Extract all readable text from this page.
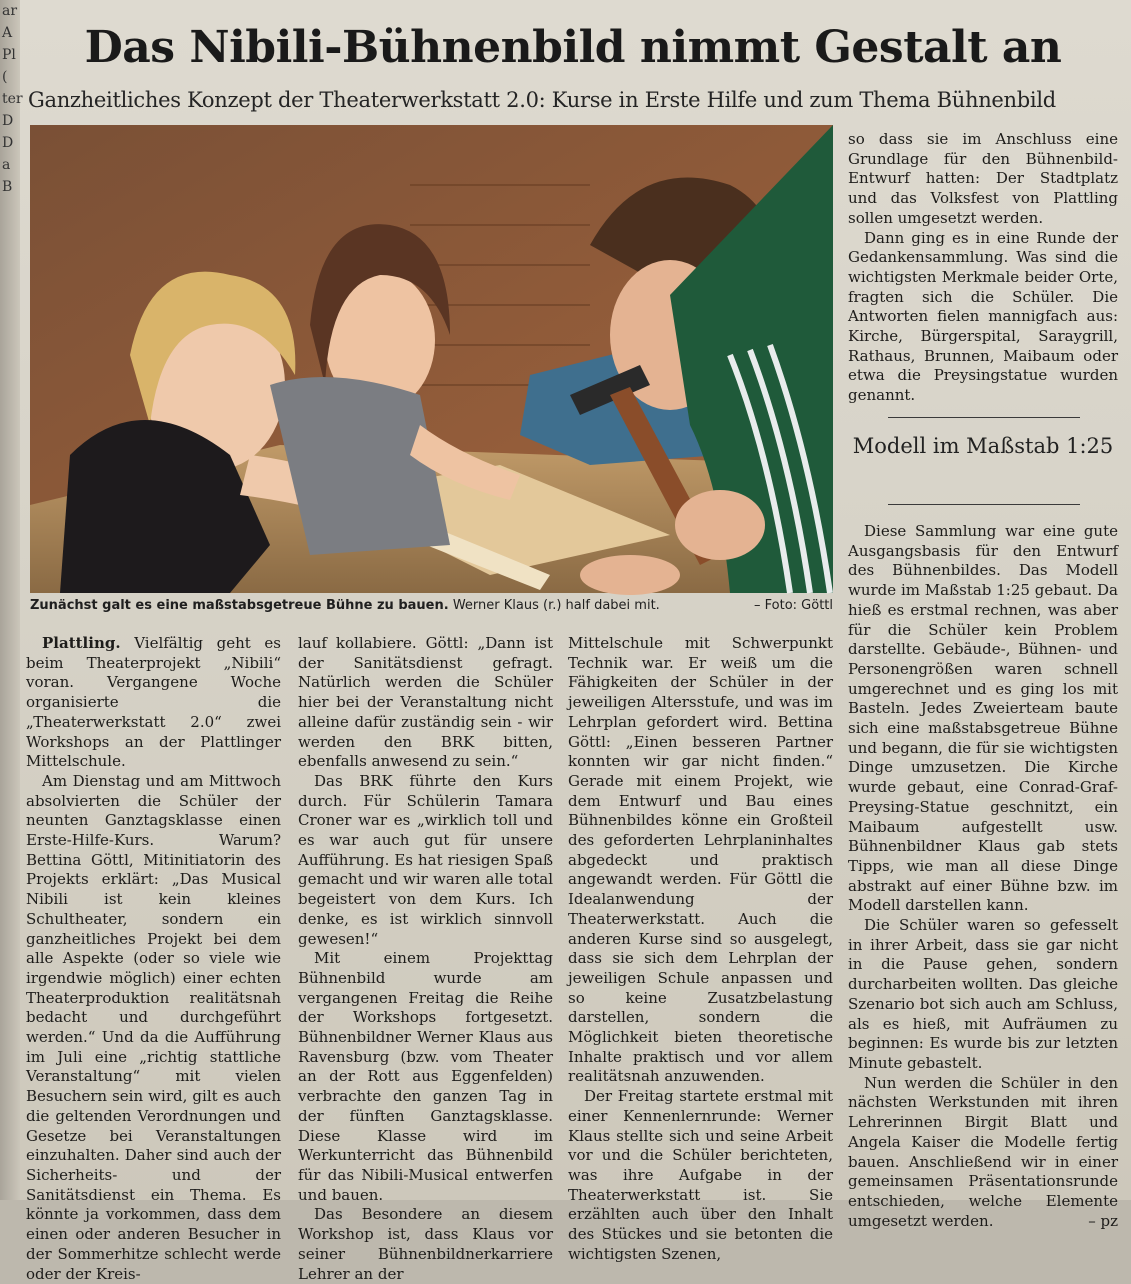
ar
A
Pl
(
ter
D
D
a
B
Das Nibili-Bühnenbild nimmt Gestalt an
Ganzheitliches Konzept der Theaterwerkstatt 2.0: Kurse in Erste Hilfe und zum Thema Bühnenbild
Zunächst galt es eine maßstabsgetreue Bühne zu bauen. Werner Klaus (r.) half dabei mit.	– Foto: Göttl

Plattling. Vielfältig geht es beim Theaterprojekt „Nibili“ voran. Vergangene Woche organisierte die „Theaterwerkstatt 2.0“ zwei Workshops an der Plattlinger Mittelschule.

Am Dienstag und am Mittwoch absolvierten die Schüler der neunten Ganztagsklasse einen Erste-Hilfe-Kurs. Warum? Bettina Göttl, Mitinitiatorin des Projekts erklärt: „Das Musical Nibili ist kein kleines Schultheater, sondern ein ganzheitliches Projekt bei dem alle Aspekte (oder so viele wie irgendwie möglich) einer echten Theaterproduktion realitätsnah bedacht und durchgeführt werden.“ Und da die Aufführung im Juli eine „richtig stattliche Veranstaltung“ mit vielen Besuchern sein wird, gilt es auch die geltenden Verordnungen und Gesetze bei Veranstaltungen einzuhalten. Daher sind auch der Sicherheits- und der Sanitätsdienst ein Thema. Es könnte ja vorkommen, dass dem einen oder anderen Besucher in der Sommerhitze schlecht werde oder der Kreis-

lauf kollabiere. Göttl: „Dann ist der Sanitätsdienst gefragt. Natürlich werden die Schüler hier bei der Veranstaltung nicht alleine dafür zuständig sein - wir werden den BRK bitten, ebenfalls anwesend zu sein.“

Das BRK führte den Kurs durch. Für Schülerin Tamara Croner war es „wirklich toll und es war auch gut für unsere Aufführung. Es hat riesigen Spaß gemacht und wir waren alle total begeistert von dem Kurs. Ich denke, es ist wirklich sinnvoll gewesen!“

Mit einem Projekttag Bühnenbild wurde am vergangenen Freitag die Reihe der Workshops fortgesetzt. Bühnenbildner Werner Klaus aus Ravensburg (bzw. vom Theater an der Rott aus Eggenfelden) verbrachte den ganzen Tag in der fünften Ganztagsklasse. Diese Klasse wird im Werkunterricht das Bühnenbild für das Nibili-Musical entwerfen und bauen.

Das Besondere an diesem Workshop ist, dass Klaus vor seiner Bühnenbildnerkarriere Lehrer an der

Mittelschule mit Schwerpunkt Technik war. Er weiß um die Fähigkeiten der Schüler in der jeweiligen Altersstufe, und was im Lehrplan gefordert wird. Bettina Göttl: „Einen besseren Partner konnten wir gar nicht finden.“ Gerade mit einem Projekt, wie dem Entwurf und Bau eines Bühnenbildes könne ein Großteil des geforderten Lehrplaninhaltes abgedeckt und praktisch angewandt werden. Für Göttl die Idealanwendung der Theaterwerkstatt. Auch die anderen Kurse sind so ausgelegt, dass sie sich dem Lehrplan der jeweiligen Schule anpassen und so keine Zusatzbelastung darstellen, sondern die Möglichkeit bieten theoretische Inhalte praktisch und vor allem realitätsnah anzuwenden.

Der Freitag startete erstmal mit einer Kennenlernrunde: Werner Klaus stellte sich und seine Arbeit vor und die Schüler berichteten, was ihre Aufgabe in der Theaterwerkstatt ist. Sie erzählten auch über den Inhalt des Stückes und sie betonten die wichtigsten Szenen,

so dass sie im Anschluss eine Grundlage für den Bühnenbild-Entwurf hatten: Der Stadtplatz und das Volksfest von Plattling sollen umgesetzt werden.

Dann ging es in eine Runde der Gedankensammlung. Was sind die wichtigsten Merkmale beider Orte, fragten sich die Schüler. Die Antworten fielen mannigfach aus: Kirche, Bürgerspital, Saraygrill, Rathaus, Brunnen, Maibaum oder etwa die Preysingstatue wurden genannt.

Modell im Maßstab 1:25

Diese Sammlung war eine gute Ausgangsbasis für den Entwurf des Bühnenbildes. Das Modell wurde im Maßstab 1:25 gebaut. Da hieß es erstmal rechnen, was aber für die Schüler kein Problem darstellte. Gebäude-, Bühnen- und Personengrößen waren schnell umgerechnet und es ging los mit Basteln. Jedes Zweierteam baute sich eine maßstabsgetreue Bühne und begann, die für sie wichtigsten Dinge umzusetzen. Die Kirche wurde gebaut, eine Conrad-Graf-Preysing-Statue geschnitzt, ein Maibaum aufgestellt usw. Bühnenbildner Klaus gab stets Tipps, wie man all diese Dinge abstrakt auf einer Bühne bzw. im Modell darstellen kann.

Die Schüler waren so gefesselt in ihrer Arbeit, dass sie gar nicht in die Pause gehen, sondern durcharbeiten wollten. Das gleiche Szenario bot sich auch am Schluss, als es hieß, mit Aufräumen zu beginnen: Es wurde bis zur letzten Minute gebastelt.

Nun werden die Schüler in den nächsten Werkstunden mit ihren Lehrerinnen Birgit Blatt und Angela Kaiser die Modelle fertig bauen. Anschließend wir in einer gemeinsamen Präsentationsrunde entschieden, welche Elemente umgesetzt werden.	– pz
